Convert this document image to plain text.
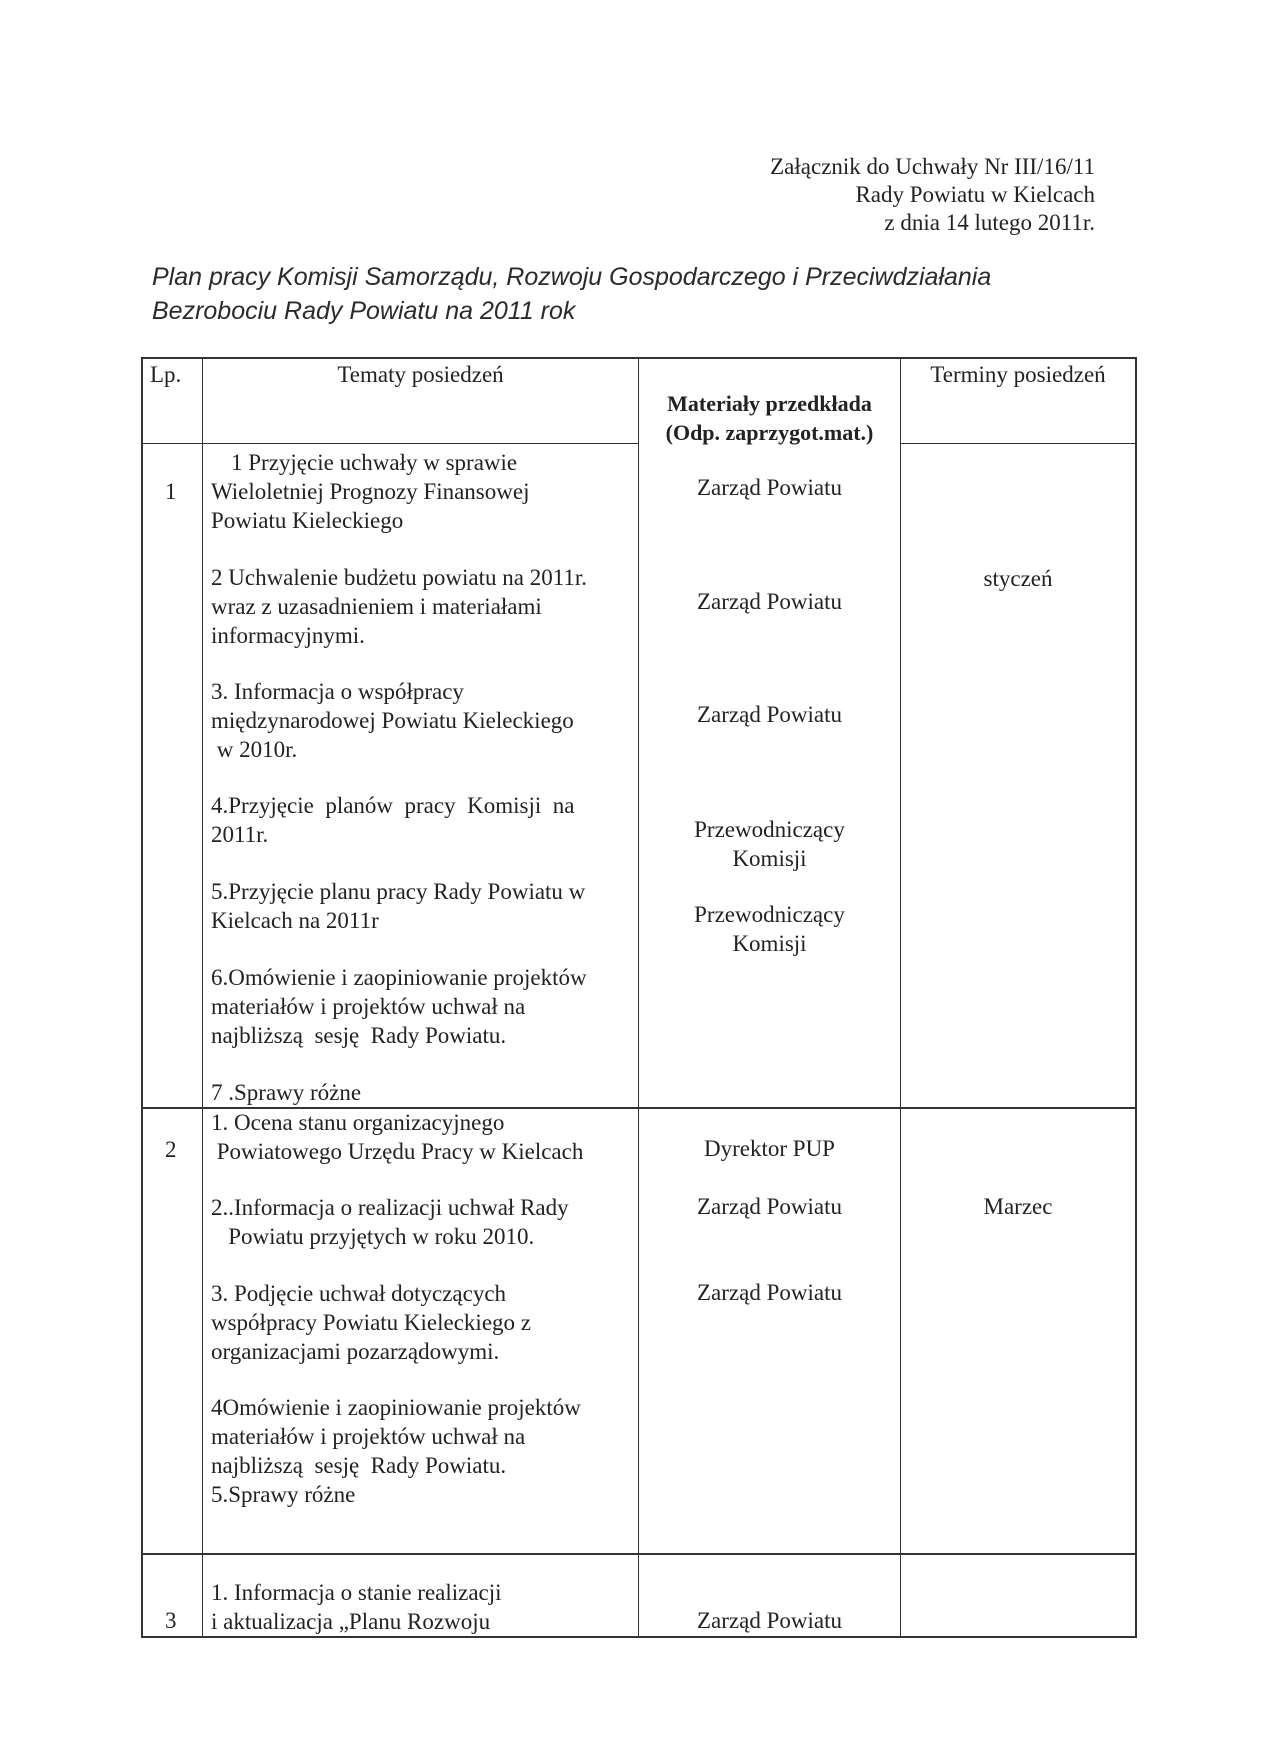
Załącznik do Uchwały Nr III/16/11
Rady Powiatu w Kielcach
z dnia 14 lutego 2011r.
Plan pracy Komisji Samorządu, Rozwoju Gospodarczego i Przeciwdziałania
Bezrobociu Rady Powiatu na 2011 rok
Lp.	Tematy posiedzeń
Materiały przedkłada
(Odp. zaprzygot.mat.)
Terminy posiedzeń
1
1 Przyjęcie uchwały w sprawie
Wieloletniej Prognozy Finansowej
Powiatu Kieleckiego
2 Uchwalenie budżetu powiatu na 2011r.
wraz z uzasadnieniem i materiałami
informacyjnymi.
3. Informacja o współpracy
międzynarodowej Powiatu Kieleckiego
w 2010r.
4.Przyjęcie  planów  pracy  Komisji  na
2011r.
5.Przyjęcie planu pracy Rady Powiatu w
Kielcach na 2011r
6.Omówienie i zaopiniowanie projektów
materiałów i projektów uchwał na
najbliższą  sesję  Rady Powiatu.
7 .Sprawy różne
Zarząd Powiatu
Zarząd Powiatu
Zarząd Powiatu
Przewodniczący
Komisji
Przewodniczący
Komisji
styczeń
2
1. Ocena stanu organizacyjnego
Powiatowego Urzędu Pracy w Kielcach
2..Informacja o realizacji uchwał Rady
Powiatu przyjętych w roku 2010.
3. Podjęcie uchwał dotyczących
współpracy Powiatu Kieleckiego z
organizacjami pozarządowymi.
4Omówienie i zaopiniowanie projektów
materiałów i projektów uchwał na
najbliższą  sesję  Rady Powiatu.
5.Sprawy różne
Dyrektor PUP
Zarząd Powiatu
Zarząd Powiatu
Marzec
3
1. Informacja o stanie realizacji
i aktualizacja „Planu Rozwoju	Zarząd Powiatu
